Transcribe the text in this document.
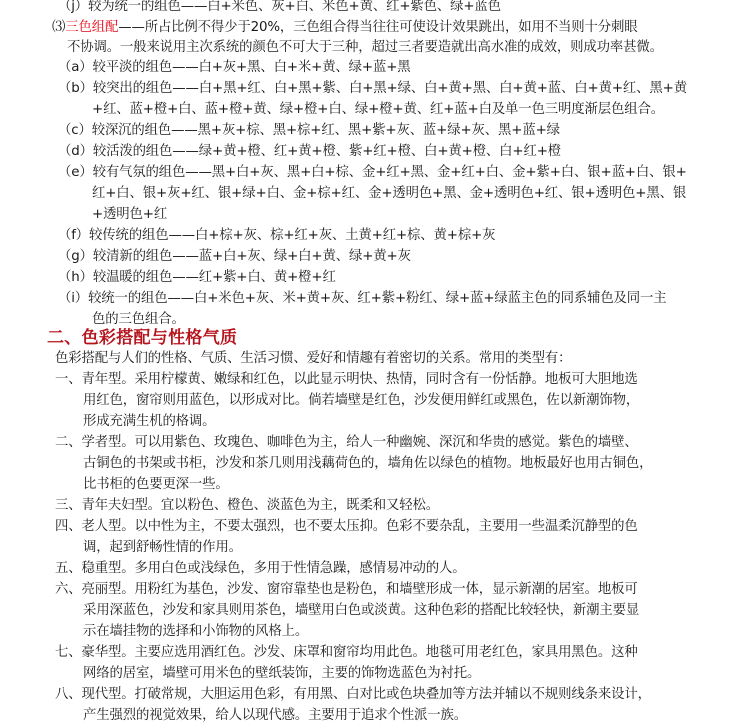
（j）较为统一的组色——白+米色、灰+白、米色+黄、红+紫色、绿+蓝色
⑶三色组配——所占比例不得少于20%，三色组合得当往往可使设计效果跳出，如用不当则十分刺眼
不协调。一般来说用主次系统的颜色不可大于三种，超过三者要造就出高水准的成效，则成功率甚微。
（a）较平淡的组色——白+灰+黑、白+米+黄、绿+蓝+黑
（b）较突出的组色——白+黑+红、白+黑+紫、白+黑+绿、白+黄+黑、白+黄+蓝、白+黄+红、黑+黄
+红、蓝+橙+白、蓝+橙+黄、绿+橙+白、绿+橙+黄、红+蓝+白及单一色三明度渐层色组合。
（c）较深沉的组色——黑+灰+棕、黑+棕+红、黑+紫+灰、蓝+绿+灰、黑+蓝+绿
（d）较活泼的组色——绿+黄+橙、红+黄+橙、紫+红+橙、白+黄+橙、白+红+橙
（e）较有气氛的组色——黑+白+灰、黑+白+棕、金+红+黑、金+红+白、金+紫+白、银+蓝+白、银+
红+白、银+灰+红、银+绿+白、金+棕+红、金+透明色+黑、金+透明色+红、银+透明色+黑、银
+透明色+红
（f）较传统的组色——白+棕+灰、棕+红+灰、土黄+红+棕、黄+棕+灰
（g）较清新的组色——蓝+白+灰、绿+白+黄、绿+黄+灰
（h）较温暖的组色——红+紫+白、黄+橙+红
（i）较统一的组色——白+米色+灰、米+黄+灰、红+紫+粉红、绿+蓝+绿蓝主色的同系辅色及同一主
色的三色组合。
二、色彩搭配与性格气质
色彩搭配与人们的性格、气质、生活习惯、爱好和情趣有着密切的关系。常用的类型有：
一、青年型。采用柠檬黄、嫩绿和红色，以此显示明快、热情，同时含有一份恬静。地板可大胆地选
用红色，窗帘则用蓝色，以形成对比。倘若墙壁是红色，沙发便用鲜红或黑色，佐以新潮饰物，
形成充满生机的格调。
二、学者型。可以用紫色、玫瑰色、咖啡色为主，给人一种幽婉、深沉和华贵的感觉。紫色的墙壁、
古铜色的书架或书柜，沙发和茶几则用浅藕荷色的，墙角佐以绿色的植物。地板最好也用古铜色，
比书柜的色要更深一些。
三、青年夫妇型。宜以粉色、橙色、淡蓝色为主，既柔和又轻松。
四、老人型。以中性为主，不要太强烈，也不要太压抑。色彩不要杂乱，主要用一些温柔沉静型的色
调，起到舒畅性情的作用。
五、稳重型。多用白色或浅绿色，多用于性情急躁，感情易冲动的人。
六、亮丽型。用粉红为基色，沙发、窗帘靠垫也是粉色，和墙壁形成一体，显示新潮的居室。地板可
采用深蓝色，沙发和家具则用茶色，墙壁用白色或淡黄。这种色彩的搭配比较轻快，新潮主要显
示在墙挂物的选择和小饰物的风格上。
七、豪华型。主要应选用酒红色。沙发、床罩和窗帘均用此色。地毯可用老红色，家具用黑色。这种
网络的居室，墙壁可用米色的壁纸装饰，主要的饰物选蓝色为衬托。
八、现代型。打破常规，大胆运用色彩，有用黑、白对比或色块叠加等方法并辅以不规则线条来设计，
产生强烈的视觉效果，给人以现代感。主要用于追求个性派一族。
